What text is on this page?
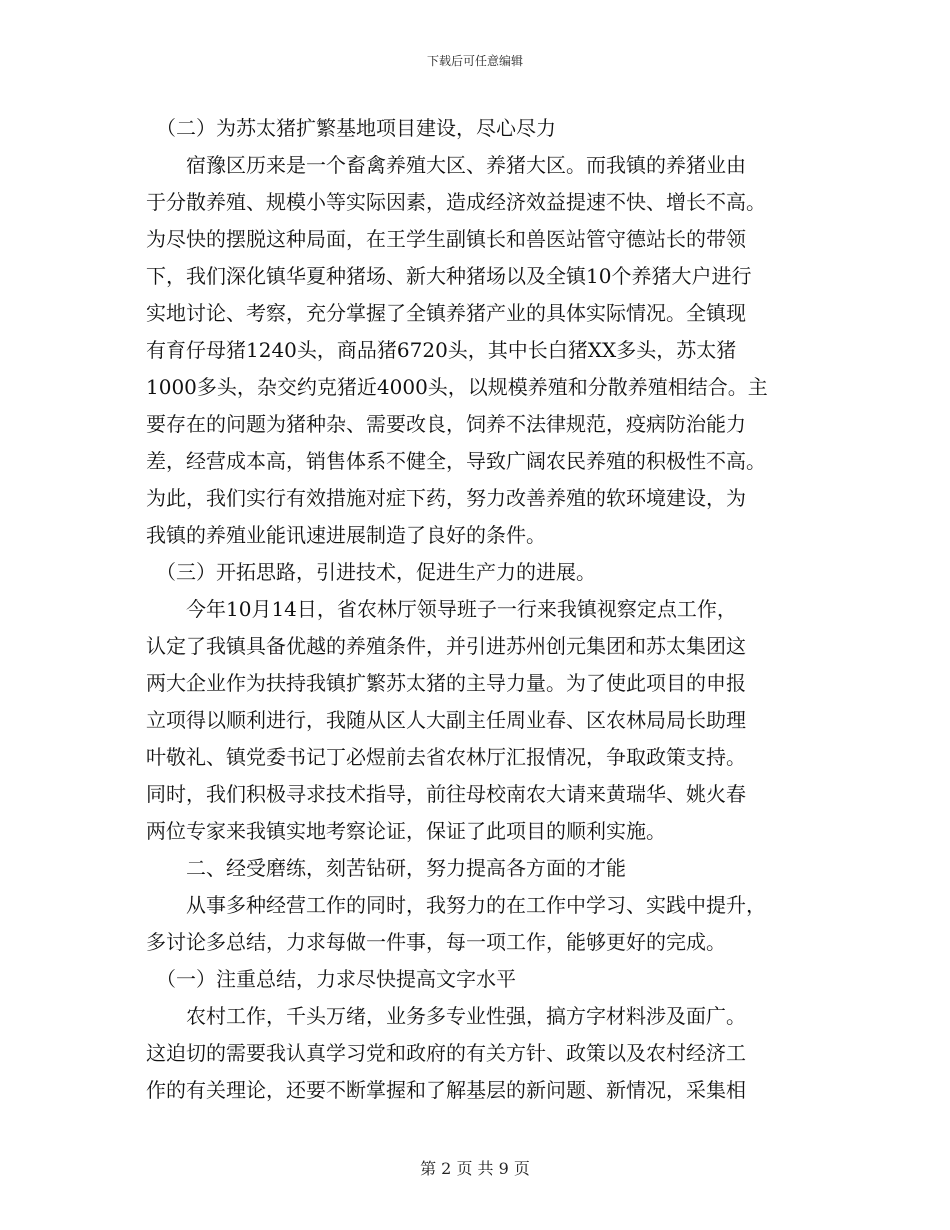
下载后可任意编辑

　（二）为苏太猪扩繁基地项目建设，尽心尽力

　　宿豫区历来是一个畜禽养殖大区、养猪大区。而我镇的养猪业由

于分散养殖、规模小等实际因素，造成经济效益提速不快、增长不高。

为尽快的摆脱这种局面，在王学生副镇长和兽医站管守德站长的带领

下，我们深化镇华夏种猪场、新大种猪场以及全镇10个养猪大户进行

实地讨论、考察，充分掌握了全镇养猪产业的具体实际情况。全镇现

有育仔母猪1240头，商品猪6720头，其中长白猪XX多头，苏太猪

1000多头，杂交约克猪近4000头，以规模养殖和分散养殖相结合。主

要存在的问题为猪种杂、需要改良，饲养不法律规范，疫病防治能力

差，经营成本高，销售体系不健全，导致广阔农民养殖的积极性不高。

为此，我们实行有效措施对症下药，努力改善养殖的软环境建设，为

我镇的养殖业能讯速进展制造了良好的条件。

　（三）开拓思路，引进技术，促进生产力的进展。

　　今年10月14日，省农林厅领导班子一行来我镇视察定点工作，

认定了我镇具备优越的养殖条件，并引进苏州创元集团和苏太集团这

两大企业作为扶持我镇扩繁苏太猪的主导力量。为了使此项目的申报

立项得以顺利进行，我随从区人大副主任周业春、区农林局局长助理

叶敬礼、镇党委书记丁必煜前去省农林厅汇报情况，争取政策支持。

同时，我们积极寻求技术指导，前往母校南农大请来黄瑞华、姚火春

两位专家来我镇实地考察论证，保证了此项目的顺利实施。

　　二、经受磨练，刻苦钻研，努力提高各方面的才能

　　从事多种经营工作的同时，我努力的在工作中学习、实践中提升，

多讨论多总结，力求每做一件事，每一项工作，能够更好的完成。

　（一）注重总结，力求尽快提高文字水平

　　农村工作，千头万绪，业务多专业性强，搞方字材料涉及面广。

这迫切的需要我认真学习党和政府的有关方针、政策以及农村经济工

作的有关理论，还要不断掌握和了解基层的新问题、新情况，采集相

第 2 页 共 9 页
